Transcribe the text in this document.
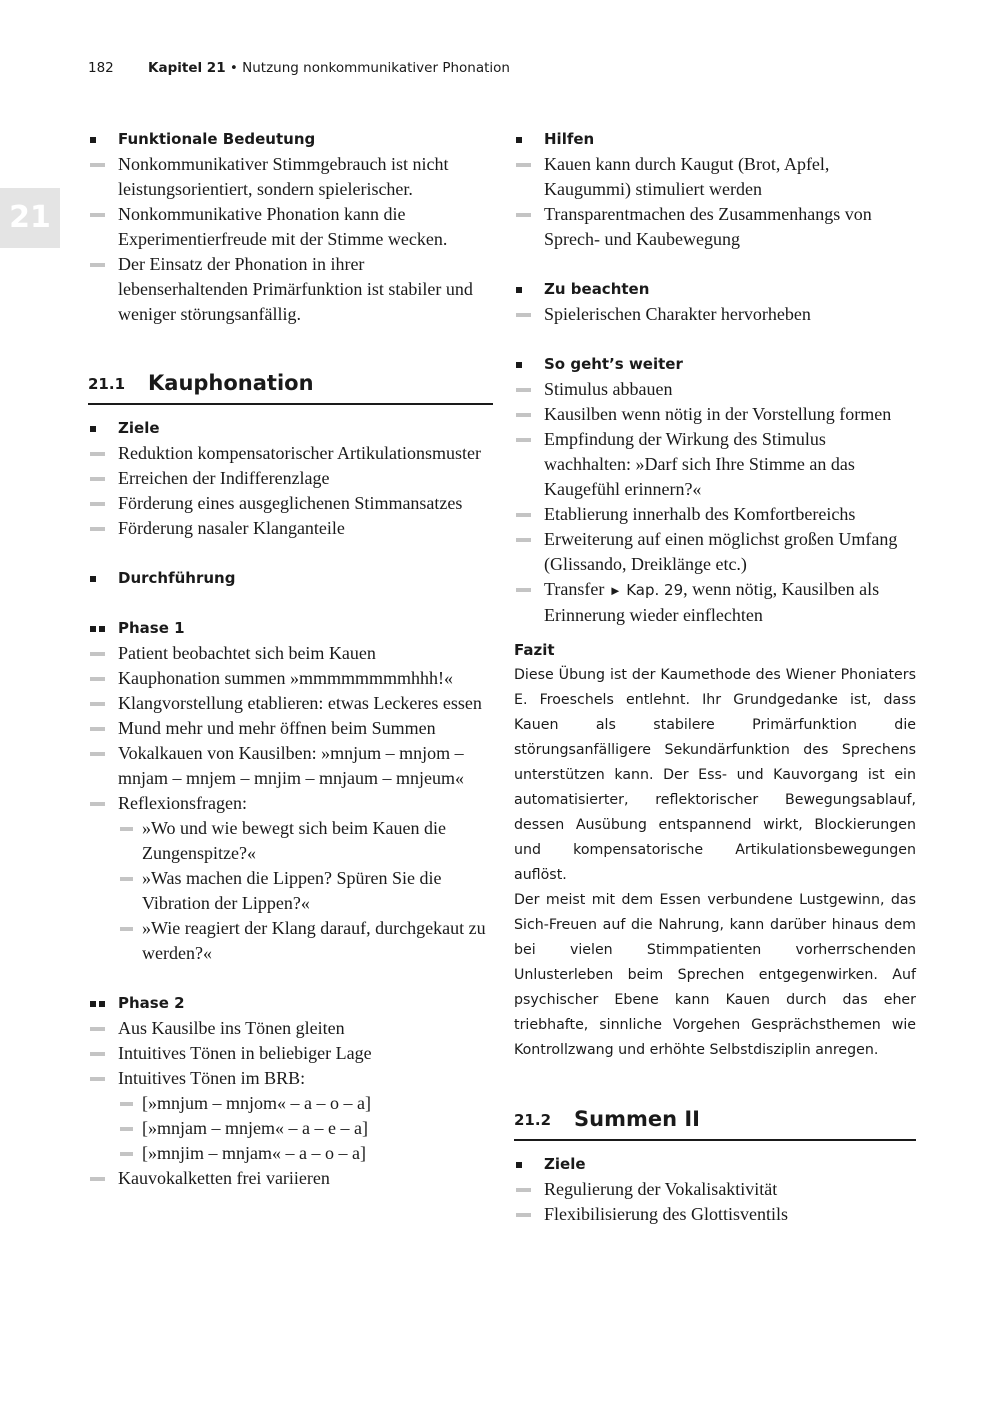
182	Kapitel 21 • Nutzung nonkommunikativer Phonation
21
Funktionale Bedeutung
Nonkommunikativer Stimmgebrauch ist nicht leistungsorientiert, sondern spielerischer.
Nonkommunikative Phonation kann die Experimentierfreude mit der Stimme wecken.
Der Einsatz der Phonation in ihrer lebenserhaltenden Primärfunktion ist stabiler und weniger störungsanfällig.
21.1 Kauphonation
Ziele
Reduktion kompensatorischer Artikulationsmuster
Erreichen der Indifferenzlage
Förderung eines ausgeglichenen Stimmansatzes
Förderung nasaler Klanganteile
Durchführung
Phase 1
Patient beobachtet sich beim Kauen
Kauphonation summen »mmmmmmmmhhh!«
Klangvorstellung etablieren: etwas Leckeres essen
Mund mehr und mehr öffnen beim Summen
Vokalkauen von Kausilben: »mnjum – mnjom – mnjam – mnjem – mnjim – mnjaum – mnjeum«
Reflexionsfragen:
»Wo und wie bewegt sich beim Kauen die Zungenspitze?«
»Was machen die Lippen? Spüren Sie die Vibration der Lippen?«
»Wie reagiert der Klang darauf, durchgekaut zu werden?«
Phase 2
Aus Kausilbe ins Tönen gleiten
Intuitives Tönen in beliebiger Lage
Intuitives Tönen im BRB:
[»mnjum – mnjom« – a – o – a]
[»mnjam – mnjem« – a – e – a]
[»mnjim – mnjam« – a – o – a]
Kauvokalketten frei variieren
Hilfen
Kauen kann durch Kaugut (Brot, Apfel, Kaugummi) stimuliert werden
Transparentmachen des Zusammenhangs von Sprech- und Kaubewegung
Zu beachten
Spielerischen Charakter hervorheben
So geht’s weiter
Stimulus abbauen
Kausilben wenn nötig in der Vorstellung formen
Empfindung der Wirkung des Stimulus wachhalten: »Darf sich Ihre Stimme an das Kaugefühl erinnern?«
Etablierung innerhalb des Komfortbereichs
Erweiterung auf einen möglichst großen Umfang (Glissando, Dreiklänge etc.)
Transfer ► Kap. 29, wenn nötig, Kausilben als Erinnerung wieder einflechten
Fazit

Diese Übung ist der Kaumethode des Wiener Phoniaters E. Froeschels entlehnt. Ihr Grundgedanke ist, dass Kauen als stabilere Primärfunktion die störungsanfälligere Sekundärfunktion des Sprechens unterstützen kann. Der Ess- und Kauvorgang ist ein automatisierter, reflektorischer Bewegungsablauf, dessen Ausübung entspannend wirkt, Blockierungen und kompensatorische Artikulationsbewegungen auflöst.

Der meist mit dem Essen verbundene Lustgewinn, das Sich-Freuen auf die Nahrung, kann darüber hinaus dem bei vielen Stimmpatienten vorherrschenden Unlusterleben beim Sprechen entgegenwirken. Auf psychischer Ebene kann Kauen durch das eher triebhafte, sinnliche Vorgehen Gesprächsthemen wie Kontrollzwang und erhöhte Selbstdisziplin anregen.

21.2 Summen II
Ziele
Regulierung der Vokalisaktivität
Flexibilisierung des Glottisventils
